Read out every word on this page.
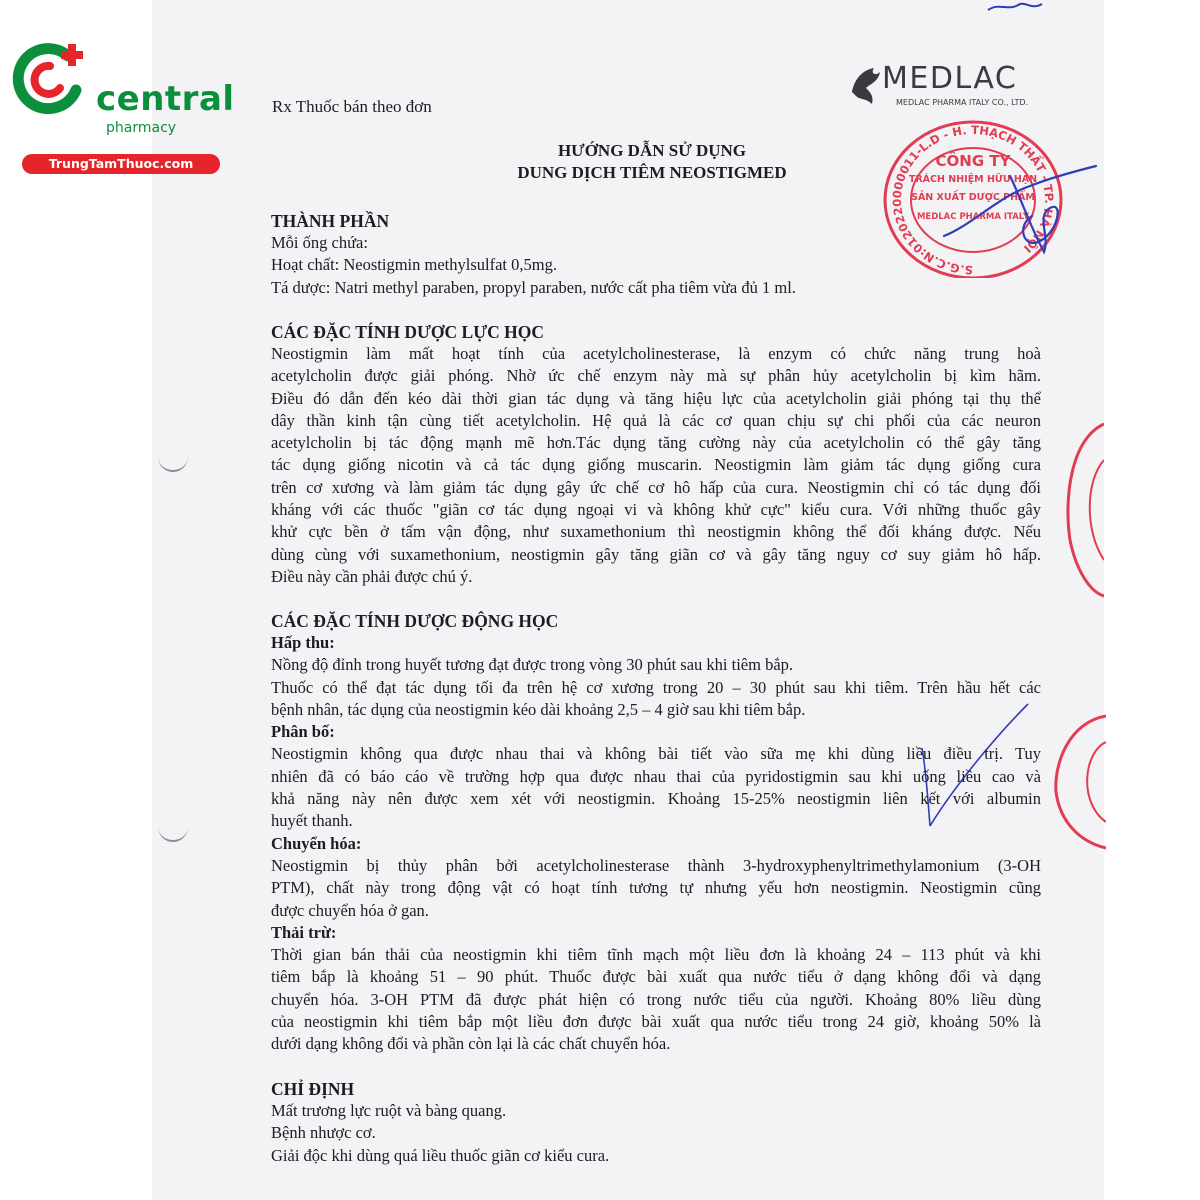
central
pharmacy
TrungTamThuoc.com
MEDLAC
MEDLAC PHARMA ITALY CO., LTD.
S.G.C.N:0120220000011-L.D - H. THẠCH THẤT - TP. HÀ NỘI
CÔNG TY
TRÁCH NHIỆM HỮU HẠN
SẢN XUẤT DƯỢC PHẨM
MEDLAC PHARMA ITALY
Rx Thuốc bán theo đơn
HƯỚNG DẪN SỬ DỤNG
DUNG DỊCH TIÊM NEOSTIGMED
THÀNH PHẦN
Mỗi ống chứa:
Hoạt chất: Neostigmin methylsulfat 0,5mg.
Tá dược: Natri methyl paraben, propyl paraben, nước cất pha tiêm vừa đủ 1 ml.
CÁC ĐẶC TÍNH DƯỢC LỰC HỌC
Neostigmin làm mất hoạt tính của acetylcholinesterase, là enzym có chức năng trung hoà
acetylcholin được giải phóng. Nhờ ức chế enzym này mà sự phân hủy acetylcholin bị kìm hãm.
Điều đó dẫn đến kéo dài thời gian tác dụng và tăng hiệu lực của acetylcholin giải phóng tại thụ thể
dây thần kinh tận cùng tiết acetylcholin. Hệ quả là các cơ quan chịu sự chi phối của các neuron
acetylcholin bị tác động mạnh mẽ hơn.Tác dụng tăng cường này của acetylcholin có thể gây tăng
tác dụng giống nicotin và cả tác dụng giống muscarin. Neostigmin làm giảm tác dụng giống cura
trên cơ xương và làm giảm tác dụng gây ức chế cơ hô hấp của cura. Neostigmin chỉ có tác dụng đối
kháng với các thuốc "giãn cơ tác dụng ngoại vi và không khử cực" kiểu cura. Với những thuốc gây
khử cực bền ở tấm vận động, như suxamethonium thì neostigmin không thể đối kháng được. Nếu
dùng cùng với suxamethonium, neostigmin gây tăng giãn cơ và gây tăng nguy cơ suy giảm hô hấp.
Điều này cần phải được chú ý.
CÁC ĐẶC TÍNH DƯỢC ĐỘNG HỌC
Hấp thu:
Nồng độ đỉnh trong huyết tương đạt được trong vòng 30 phút sau khi tiêm bắp.
Thuốc có thể đạt tác dụng tối đa trên hệ cơ xương trong 20 – 30 phút sau khi tiêm. Trên hầu hết các
bệnh nhân, tác dụng của neostigmin kéo dài khoảng 2,5 – 4 giờ sau khi tiêm bắp.
Phân bố:
Neostigmin không qua được nhau thai và không bài tiết vào sữa mẹ khi dùng liều điều trị. Tuy
nhiên đã có báo cáo về trường hợp qua được nhau thai của pyridostigmin sau khi uống liều cao và
khả năng này nên được xem xét với neostigmin. Khoảng 15-25% neostigmin liên kết với albumin
huyết thanh.
Chuyển hóa:
Neostigmin bị thủy phân bởi acetylcholinesterase thành 3-hydroxyphenyltrimethylamonium (3-OH
PTM), chất này trong động vật có hoạt tính tương tự nhưng yếu hơn neostigmin. Neostigmin cũng
được chuyển hóa ở gan.
Thải trừ:
Thời gian bán thải của neostigmin khi tiêm tĩnh mạch một liều đơn là khoảng 24 – 113 phút và khi
tiêm bắp là khoảng 51 – 90 phút. Thuốc được bài xuất qua nước tiểu ở dạng không đổi và dạng
chuyển hóa. 3-OH PTM đã được phát hiện có trong nước tiểu của người. Khoảng 80% liều dùng
của neostigmin khi tiêm bắp một liều đơn được bài xuất qua nước tiểu trong 24 giờ, khoảng 50% là
dưới dạng không đổi và phần còn lại là các chất chuyển hóa.
CHỈ ĐỊNH
Mất trương lực ruột và bàng quang.
Bệnh nhược cơ.
Giải độc khi dùng quá liều thuốc giãn cơ kiểu cura.
